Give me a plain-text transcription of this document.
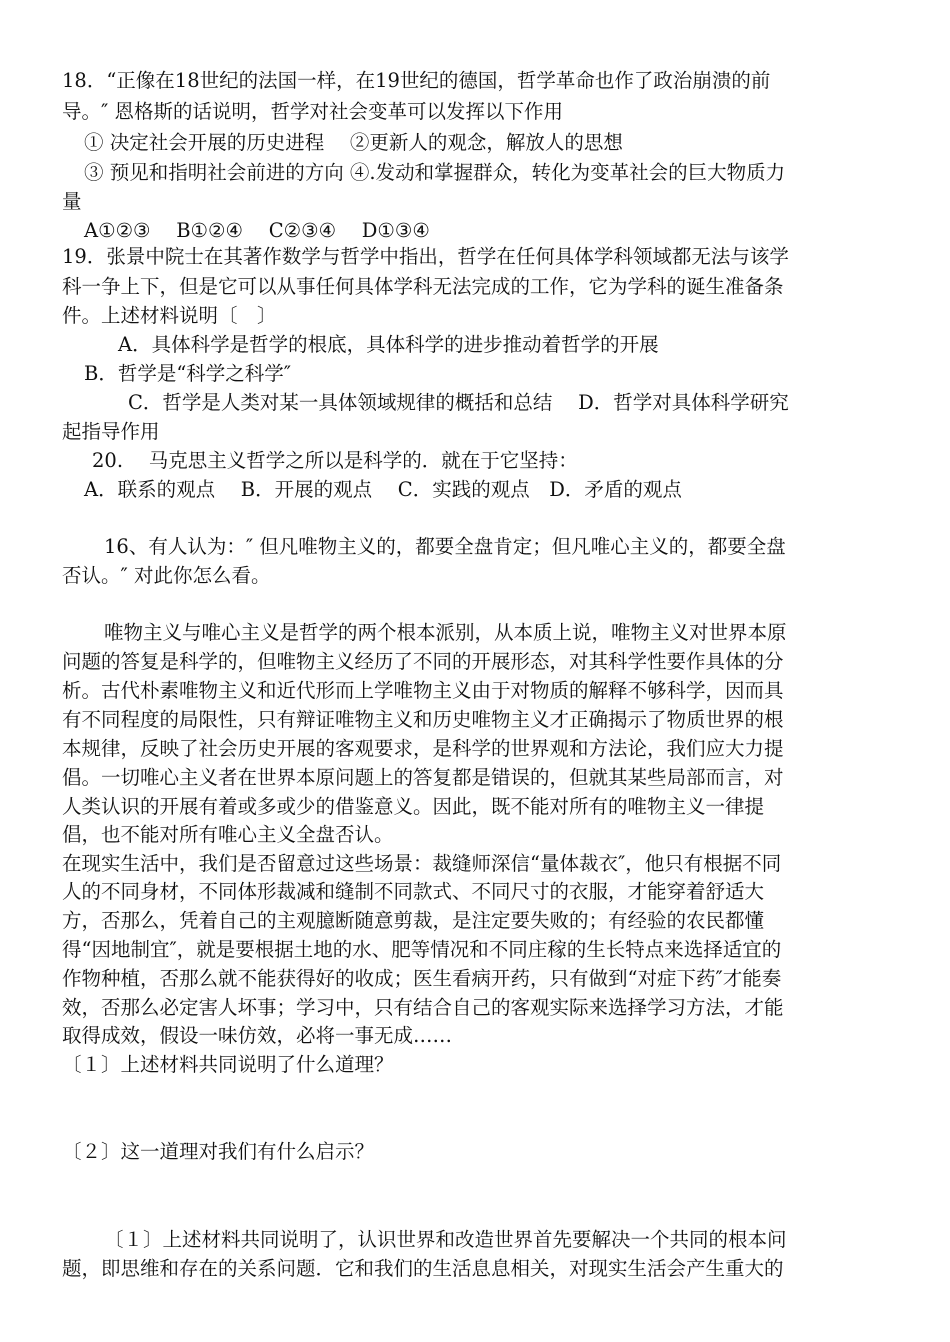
18．“正像在18世纪的法国一样，在19世纪的德国，哲学革命也作了政治崩溃的前
导。″ 恩格斯的话说明，哲学对社会变革可以发挥以下作用
① 决定社会开展的历史进程　 ②更新人的观念，解放人的思想
③ 预见和指明社会前进的方向 ④.发动和掌握群众，转化为变革社会的巨大物质力
量
A①②③　 B①②④　 C②③④　 D①③④
19．张景中院士在其著作数学与哲学中指出，哲学在任何具体学科领域都无法与该学
科一争上下，但是它可以从事任何具体学科无法完成的工作，它为学科的诞生准备条
件。上述材料说明〔　〕
A．具体科学是哲学的根底，具体科学的进步推动着哲学的开展
B．哲学是“科学之科学″
C．哲学是人类对某一具体领域规律的概括和总结　 D．哲学对具体科学研究
起指导作用
20.　 马克思主义哲学之所以是科学的．就在于它坚持：
A．联系的观点　 B．开展的观点　 C．实践的观点　D．矛盾的观点
16、有人认为：″ 但凡唯物主义的，都要全盘肯定；但凡唯心主义的，都要全盘
否认。″ 对此你怎么看。
唯物主义与唯心主义是哲学的两个根本派别，从本质上说，唯物主义对世界本原
问题的答复是科学的，但唯物主义经历了不同的开展形态，对其科学性要作具体的分
析。古代朴素唯物主义和近代形而上学唯物主义由于对物质的解释不够科学，因而具
有不同程度的局限性，只有辩证唯物主义和历史唯物主义才正确揭示了物质世界的根
本规律，反映了社会历史开展的客观要求，是科学的世界观和方法论，我们应大力提
倡。一切唯心主义者在世界本原问题上的答复都是错误的，但就其某些局部而言，对
人类认识的开展有着或多或少的借鉴意义。因此，既不能对所有的唯物主义一律提
倡，也不能对所有唯心主义全盘否认。
在现实生活中，我们是否留意过这些场景：裁缝师深信“量体裁衣″，他只有根据不同
人的不同身材，不同体形裁减和缝制不同款式、不同尺寸的衣服，才能穿着舒适大
方，否那么，凭着自己的主观臆断随意剪裁，是注定要失败的；有经验的农民都懂
得“因地制宜″，就是要根据土地的水、肥等情况和不同庄稼的生长特点来选择适宜的
作物种植，否那么就不能获得好的收成；医生看病开药，只有做到“对症下药″才能奏
效，否那么必定害人坏事；学习中，只有结合自己的客观实际来选择学习方法，才能
取得成效，假设一味仿效，必将一事无成……
〔１〕上述材料共同说明了什么道理？
〔２〕这一道理对我们有什么启示？
〔１〕上述材料共同说明了，认识世界和改造世界首先要解决一个共同的根本问
题，即思维和存在的关系问题．它和我们的生活息息相关，对现实生活会产生重大的
